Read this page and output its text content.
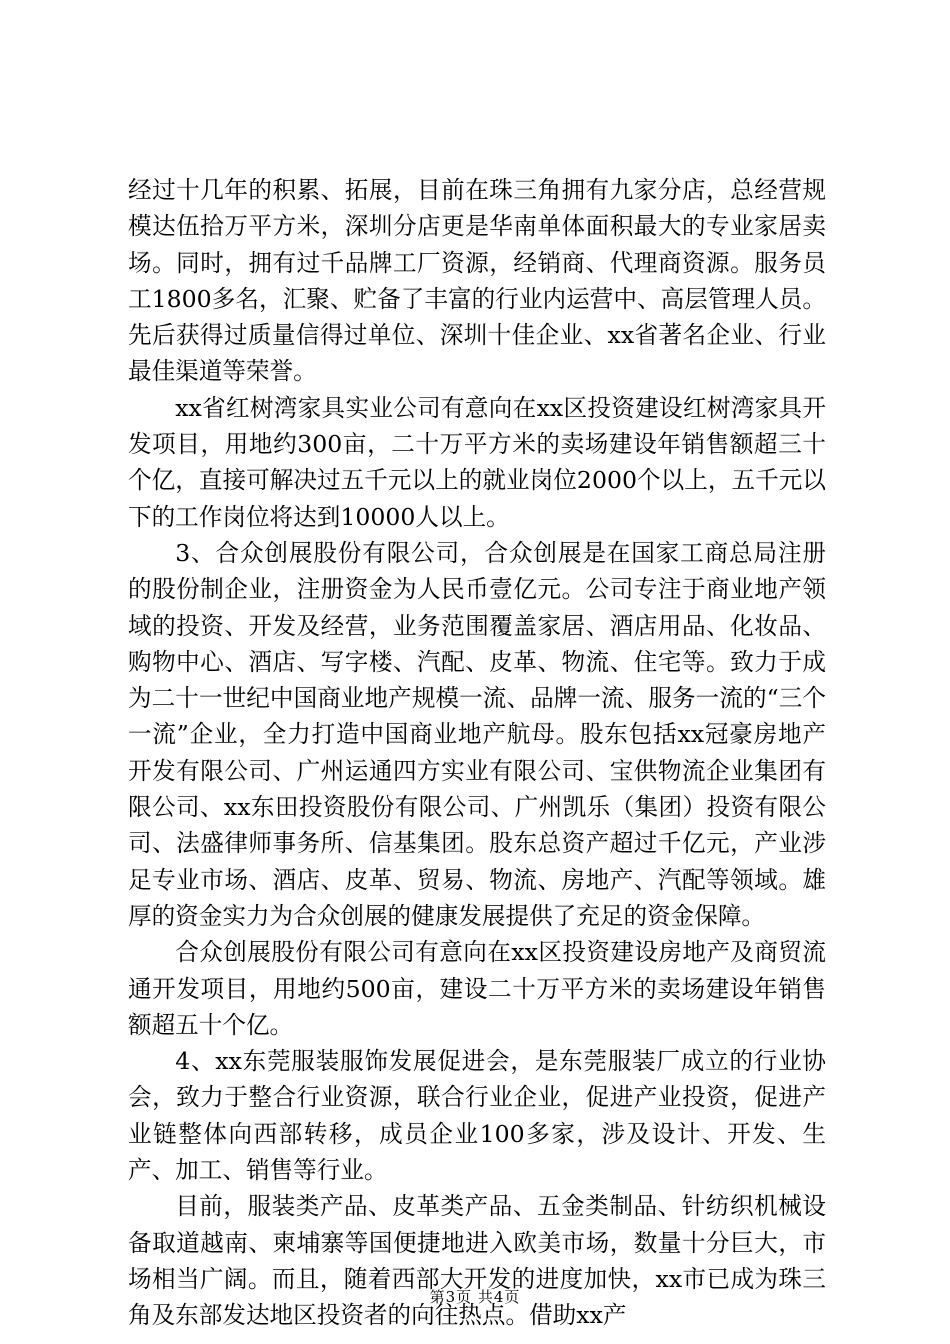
经过十几年的积累、拓展，目前在珠三角拥有九家分店，总经营规模达伍拾万平方米，深圳分店更是华南单体面积最大的专业家居卖场。同时，拥有过千品牌工厂资源，经销商、代理商资源。服务员工1800多名，汇聚、贮备了丰富的行业内运营中、高层管理人员。先后获得过质量信得过单位、深圳十佳企业、xx省著名企业、行业最佳渠道等荣誉。

xx省红树湾家具实业公司有意向在xx区投资建设红树湾家具开发项目，用地约300亩，二十万平方米的卖场建设年销售额超三十个亿，直接可解决过五千元以上的就业岗位2000个以上，五千元以下的工作岗位将达到10000人以上。

3、合众创展股份有限公司，合众创展是在国家工商总局注册的股份制企业，注册资金为人民币壹亿元。公司专注于商业地产领域的投资、开发及经营，业务范围覆盖家居、酒店用品、化妆品、购物中心、酒店、写字楼、汽配、皮革、物流、住宅等。致力于成为二十一世纪中国商业地产规模一流、品牌一流、服务一流的“三个一流”企业，全力打造中国商业地产航母。股东包括xx冠豪房地产开发有限公司、广州运通四方实业有限公司、宝供物流企业集团有限公司、xx东田投资股份有限公司、广州凯乐（集团）投资有限公司、法盛律师事务所、信基集团。股东总资产超过千亿元，产业涉足专业市场、酒店、皮革、贸易、物流、房地产、汽配等领域。雄厚的资金实力为合众创展的健康发展提供了充足的资金保障。

合众创展股份有限公司有意向在xx区投资建设房地产及商贸流通开发项目，用地约500亩，建设二十万平方米的卖场建设年销售额超五十个亿。

4、xx东莞服装服饰发展促进会，是东莞服装厂成立的行业协会，致力于整合行业资源，联合行业企业，促进产业投资，促进产业链整体向西部转移，成员企业100多家，涉及设计、开发、生产、加工、销售等行业。

目前，服装类产品、皮革类产品、五金类制品、针纺织机械设备取道越南、柬埔寨等国便捷地进入欧美市场，数量十分巨大，市场相当广阔。而且，随着西部大开发的进度加快，xx市已成为珠三角及东部发达地区投资者的向往热点。借助xx产

第3页 共4页
